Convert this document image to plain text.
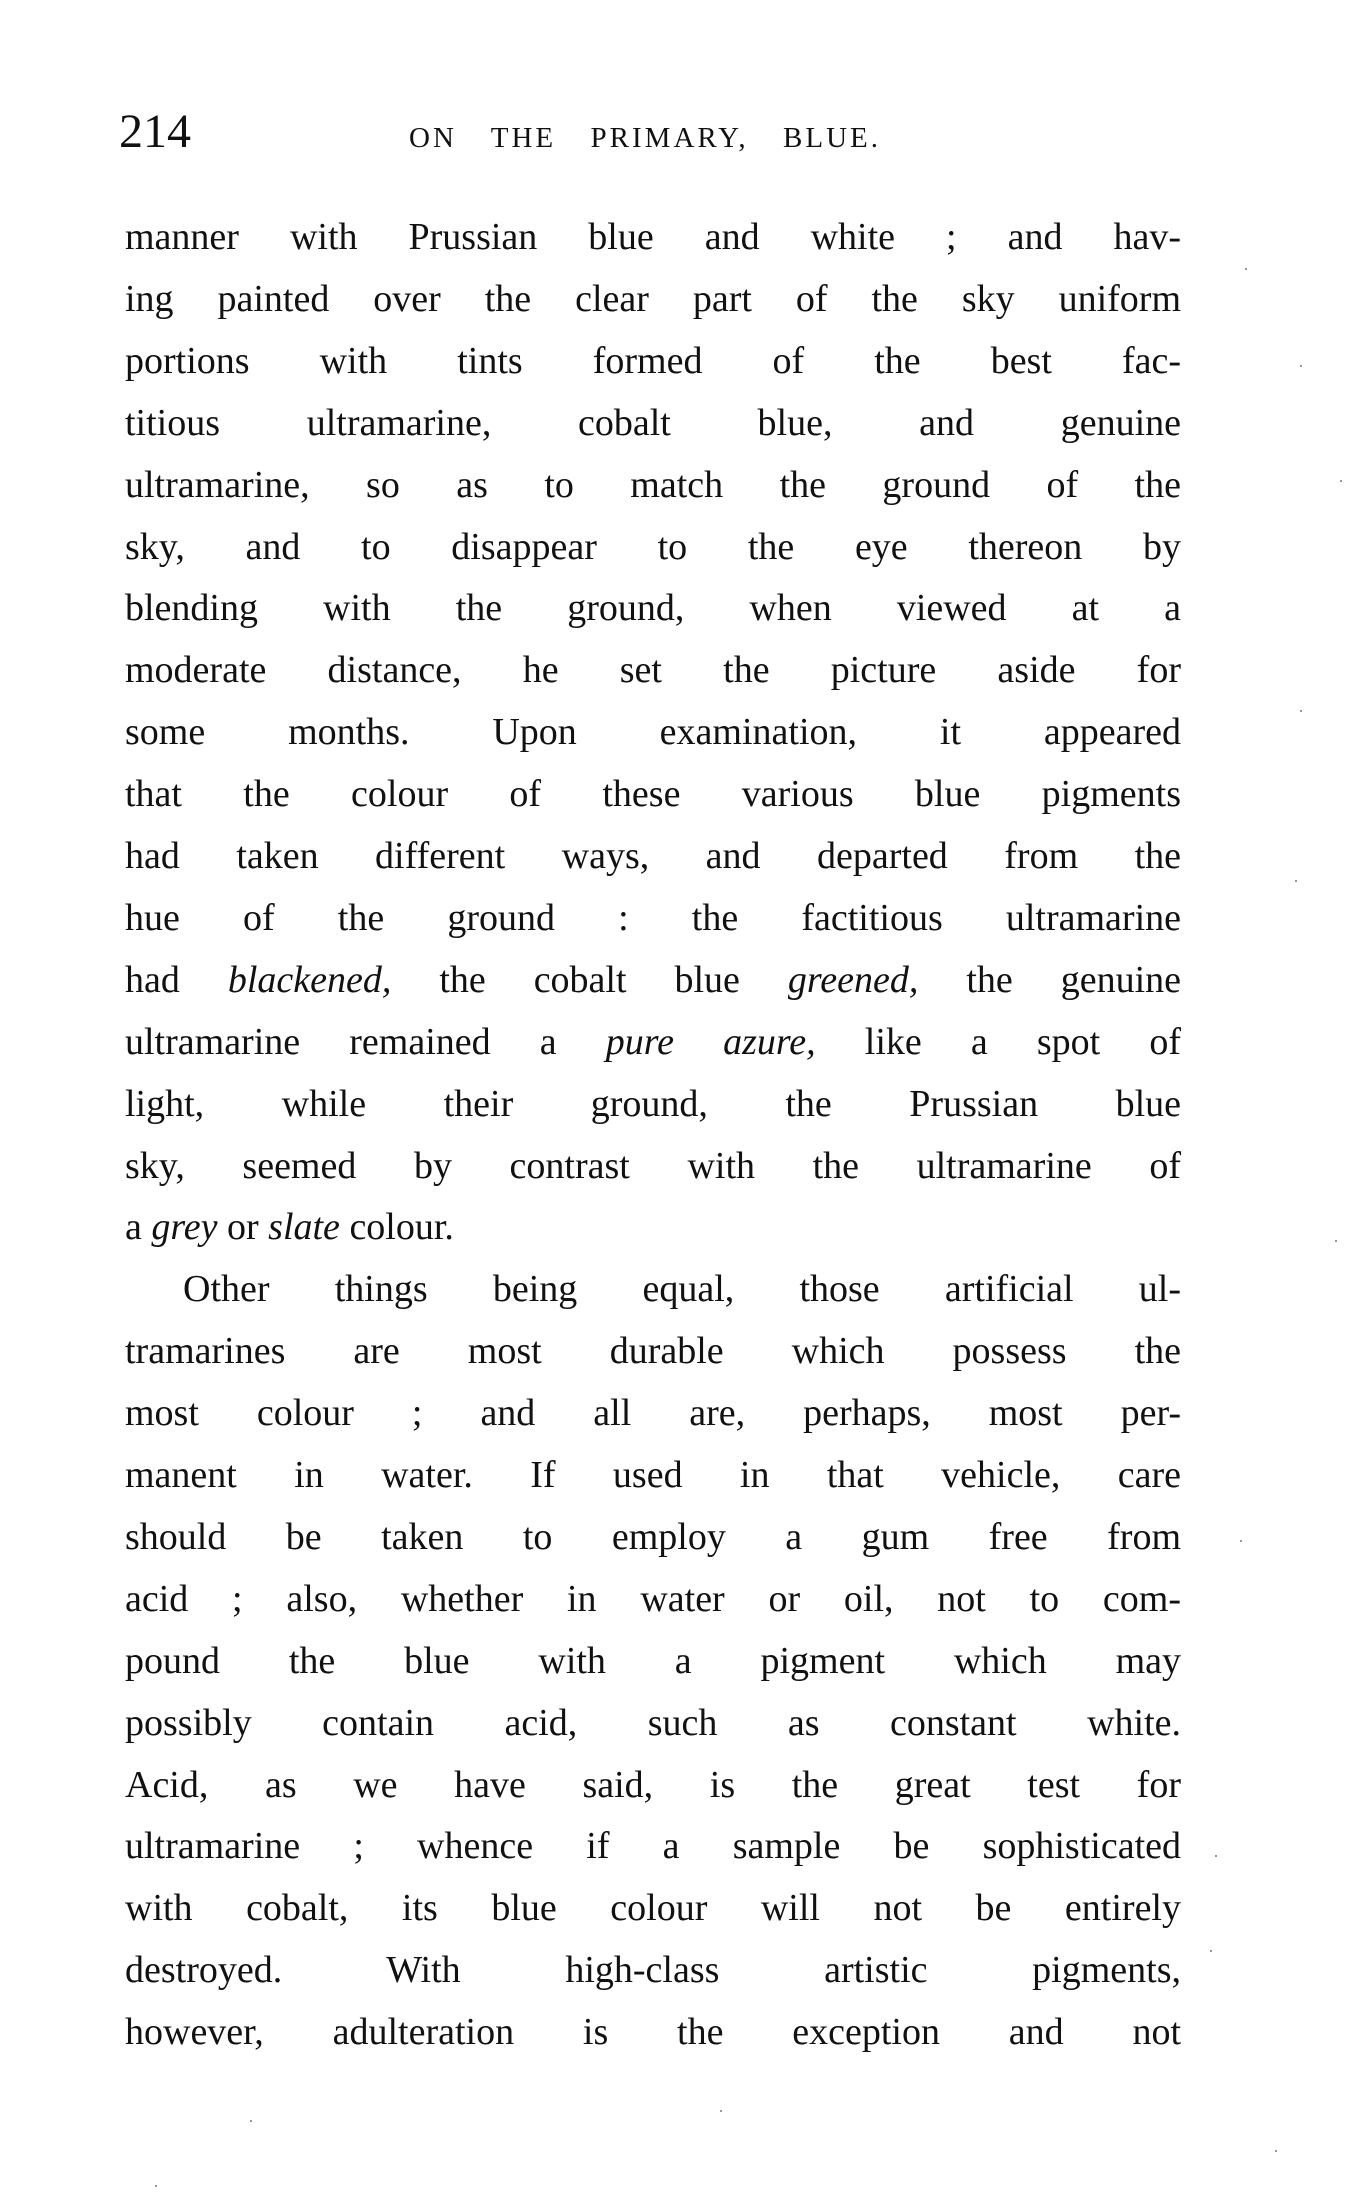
214	ON THE PRIMARY, BLUE.
manner with Prussian blue and white ; and hav-
ing painted over the clear part of the sky uniform
portions with tints formed of the best fac-
titious ultramarine, cobalt blue, and genuine
ultramarine, so as to match the ground of the
sky, and to disappear to the eye thereon by
blending with the ground, when viewed at a
moderate distance, he set the picture aside for
some months. Upon examination, it appeared
that the colour of these various blue pigments
had taken different ways, and departed from the
hue of the ground : the factitious ultramarine
had blackened, the cobalt blue greened, the genuine
ultramarine remained a pure azure, like a spot of
light, while their ground, the Prussian blue
sky, seemed by contrast with the ultramarine of
a grey or slate colour.
Other things being equal, those artificial ul-
tramarines are most durable which possess the
most colour ; and all are, perhaps, most per-
manent in water. If used in that vehicle, care
should be taken to employ a gum free from
acid ; also, whether in water or oil, not to com-
pound the blue with a pigment which may
possibly contain acid, such as constant white.
Acid, as we have said, is the great test for
ultramarine ; whence if a sample be sophisticated
with cobalt, its blue colour will not be entirely
destroyed. With high-class artistic pigments,
however, adulteration is the exception and not
